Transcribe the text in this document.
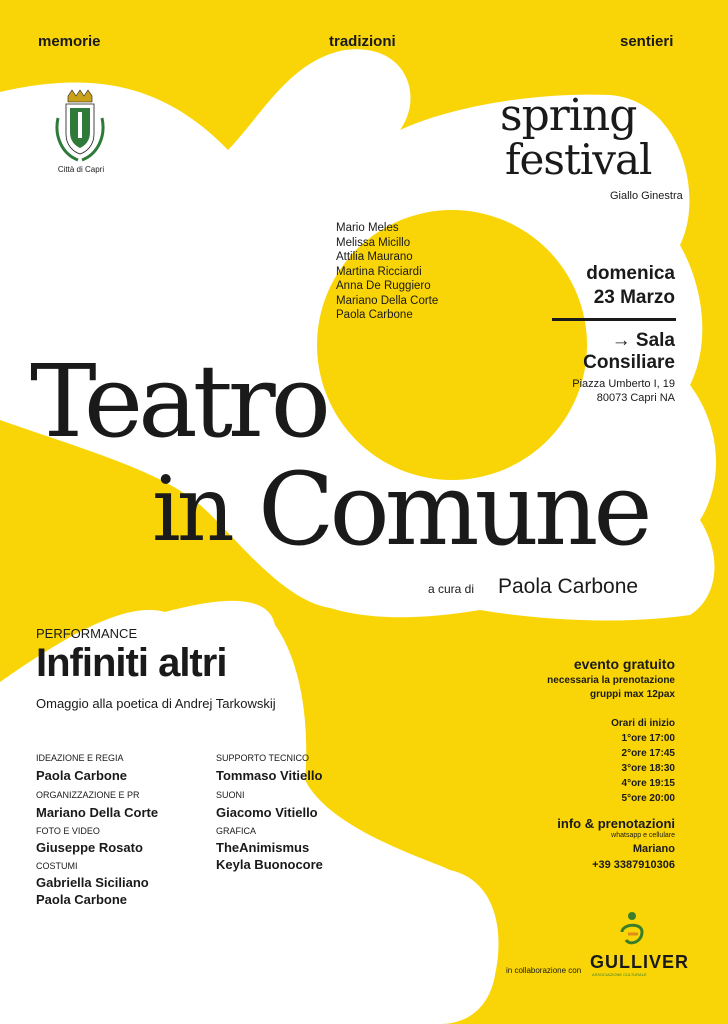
memorie	tradizioni	sentieri
Città di Capri
spring
festival
Giallo Ginestra
Mario Meles
Melissa Micillo
Attilia Maurano
Martina Ricciardi
Anna De Ruggiero
Mariano Della Corte
Paola Carbone
domenica
23 Marzo
→ Sala
Consiliare
Piazza Umberto I, 19
80073 Capri NA
Teatro
in Comune
a cura di Paola Carbone
PERFORMANCE
Infiniti altri
Omaggio alla poetica di Andrej Tarkowskij
IDEAZIONE E REGIA
Paola Carbone
ORGANIZZAZIONE E PR
Mariano Della Corte
FOTO E VIDEO
Giuseppe Rosato
COSTUMI
Gabriella Siciliano
Paola Carbone
SUPPORTO TECNICO
Tommaso Vitiello
SUONI
Giacomo Vitiello
GRAFICA
TheAnimismus
Keyla Buonocore
evento gratuito
necessaria la prenotazione
gruppi max 12pax
Orari di inizio
1°ore 17:00
2°ore 17:45
3°ore 18:30
4°ore 19:15
5°ore 20:00
info & prenotazioni
whatsapp e cellulare
Mariano
+39 3387910306
in collaborazione con GULLIVER
ASSOCIAZIONE CULTURALE
